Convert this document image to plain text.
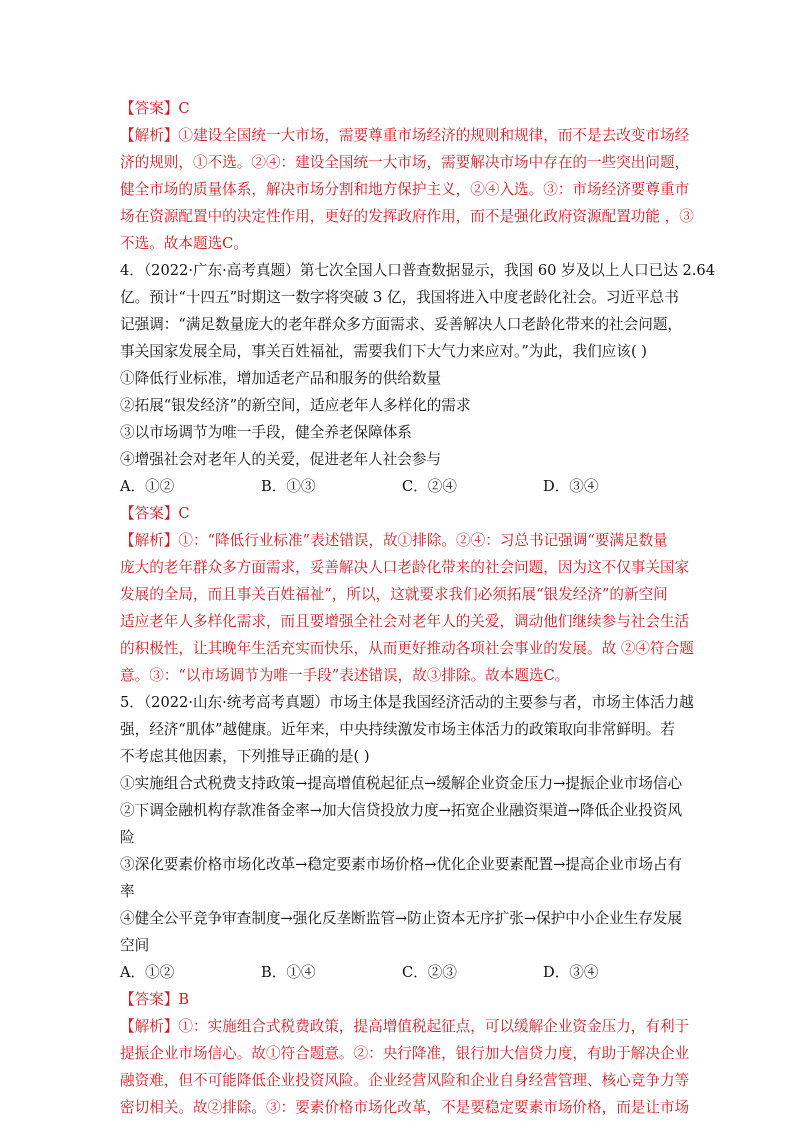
【答案】C
【解析】①建设全国统一大市场，需要尊重市场经济的规则和规律，而不是去改变市场经
济的规则，①不选。②④：建设全国统一大市场，需要解决市场中存在的一些突出问题，
健全市场的质量体系，解决市场分割和地方保护主义，②④入选。③：市场经济要尊重市
场在资源配置中的决定性作用，更好的发挥政府作用，而不是强化政府资源配置功能 ，③
不选。故本题选C。
4．（2022·广东·高考真题）第七次全国人口普查数据显示，我国 60 岁及以上人口已达 2.64
亿。预计“十四五”时期这一数字将突破 3 亿，我国将进入中度老龄化社会。习近平总书
记强调：“满足数量庞大的老年群众多方面需求、妥善解决人口老龄化带来的社会问题，
事关国家发展全局，事关百姓福祉，需要我们下大气力来应对。”为此，我们应该( )
①降低行业标准，增加适老产品和服务的供给数量
②拓展“银发经济”的新空间，适应老年人多样化的需求
③以市场调节为唯一手段，健全养老保障体系
④增强社会对老年人的关爱，促进老年人社会参与
A．①②	B．①③	C．②④	D．③④
【答案】C
【解析】①：“降低行业标准”表述错误，故①排除。②④：习总书记强调“要满足数量
庞大的老年群众多方面需求，妥善解决人口老龄化带来的社会问题，因为这不仅事关国家
发展的全局，而且事关百姓福祉”，所以，这就要求我们必须拓展“银发经济”的新空间
适应老年人多样化需求，而且要增强全社会对老年人的关爱，调动他们继续参与社会生活
的积极性，让其晚年生活充实而快乐，从而更好推动各项社会事业的发展。故 ②④符合题
意。③：“以市场调节为唯一手段”表述错误，故③排除。故本题选C。
5．（2022·山东·统考高考真题）市场主体是我国经济活动的主要参与者，市场主体活力越
强，经济“肌体”越健康。近年来，中央持续激发市场主体活力的政策取向非常鲜明。若
不考虑其他因素，下列推导正确的是( )
①实施组合式税费支持政策→提高增值税起征点→缓解企业资金压力→提振企业市场信心
②下调金融机构存款准备金率→加大信贷投放力度→拓宽企业融资渠道→降低企业投资风
险
③深化要素价格市场化改革→稳定要素市场价格→优化企业要素配置→提高企业市场占有
率
④健全公平竞争审查制度→强化反垄断监管→防止资本无序扩张→保护中小企业生存发展
空间
A．①②	B．①④	C．②③	D．③④
【答案】B
【解析】①：实施组合式税费政策，提高增值税起征点，可以缓解企业资金压力，有利于
提振企业市场信心。故①符合题意。②：央行降准，银行加大信贷力度，有助于解决企业
融资难，但不可能降低企业投资风险。企业经营风险和企业自身经营管理、核心竞争力等
密切相关。故②排除。③：要素价格市场化改革，不是要稳定要素市场价格，而是让市场
